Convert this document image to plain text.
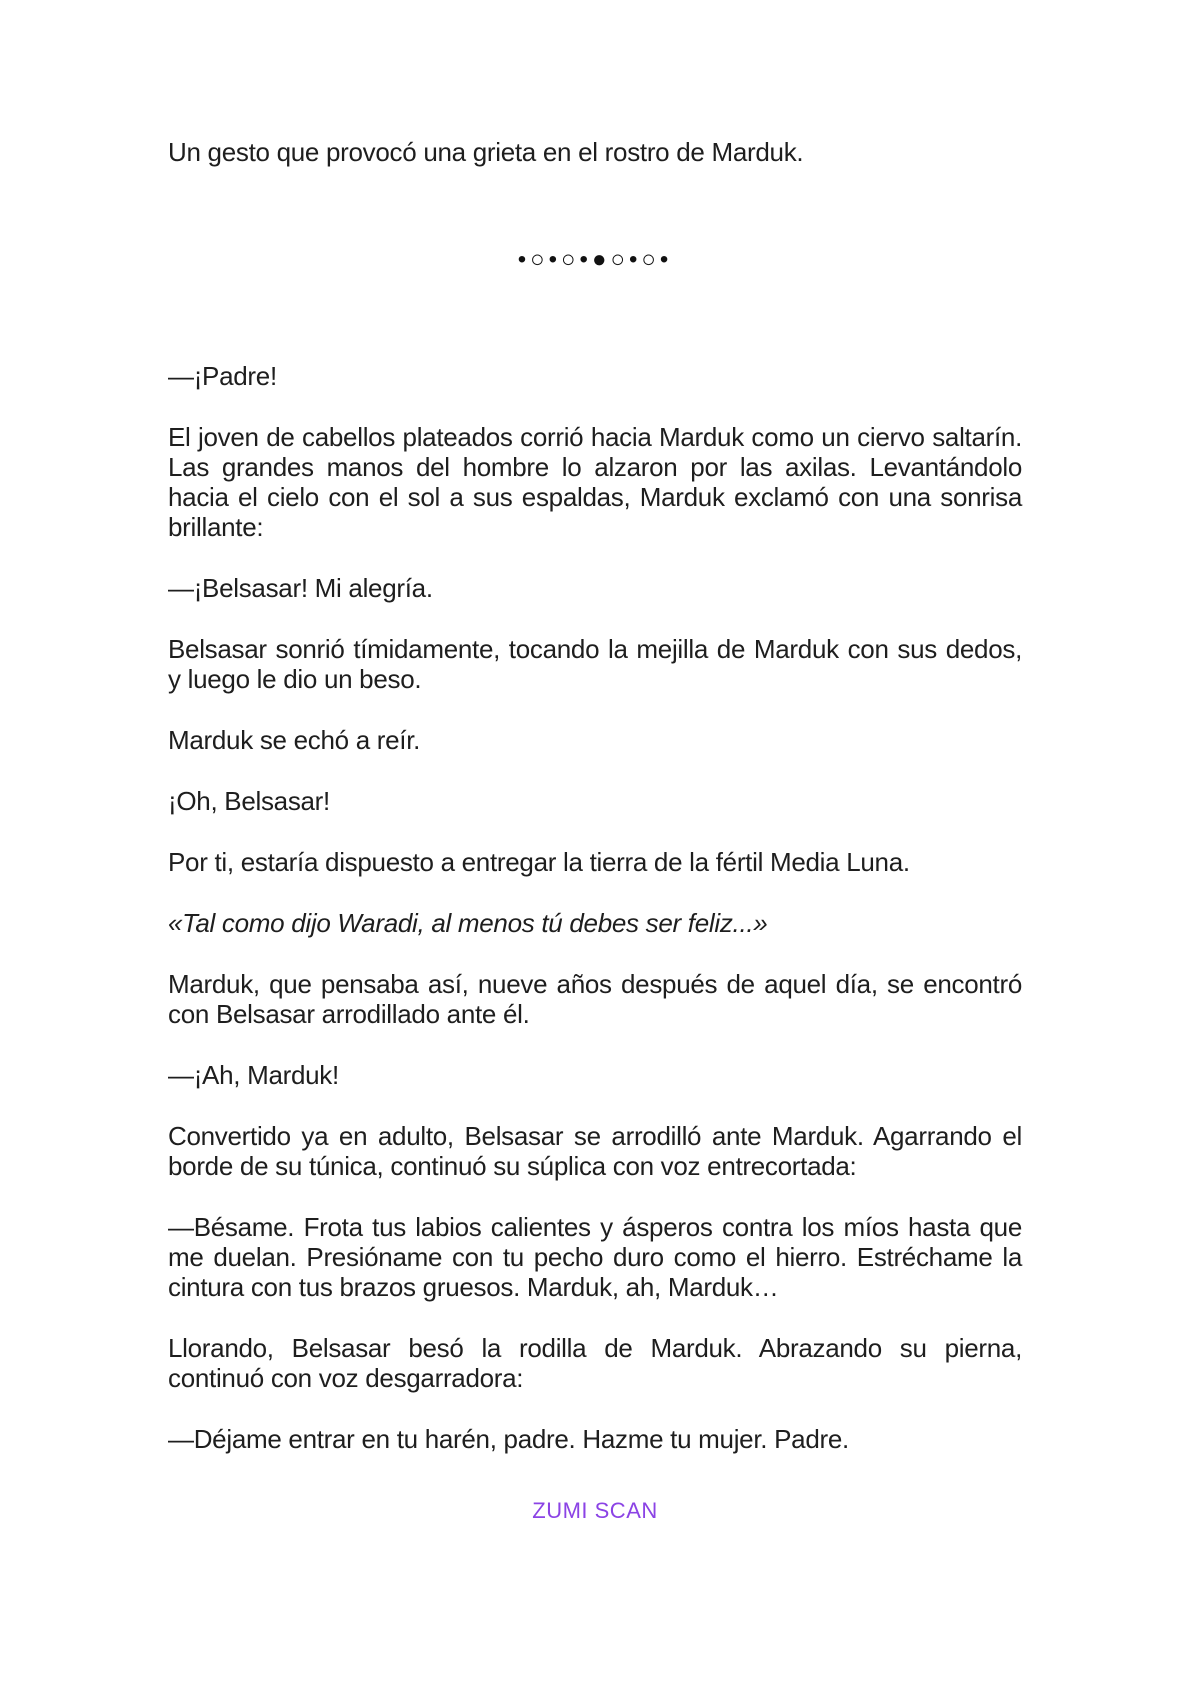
Un gesto que provocó una grieta en el rostro de Marduk.

•○•○•●○•○•

—¡Padre!

El joven de cabellos plateados corrió hacia Marduk como un ciervo saltarín. Las grandes manos del hombre lo alzaron por las axilas. Levantándolo hacia el cielo con el sol a sus espaldas, Marduk exclamó con una sonrisa brillante:

—¡Belsasar! Mi alegría.

Belsasar sonrió tímidamente, tocando la mejilla de Marduk con sus dedos, y luego le dio un beso.

Marduk se echó a reír.

¡Oh, Belsasar!

Por ti, estaría dispuesto a entregar la tierra de la fértil Media Luna.

«Tal como dijo Waradi, al menos tú debes ser feliz...»

Marduk, que pensaba así, nueve años después de aquel día, se encontró con Belsasar arrodillado ante él.

—¡Ah, Marduk!

Convertido ya en adulto, Belsasar se arrodilló ante Marduk. Agarrando el borde de su túnica, continuó su súplica con voz entrecortada:

—Bésame. Frota tus labios calientes y ásperos contra los míos hasta que me duelan. Presióname con tu pecho duro como el hierro. Estréchame la cintura con tus brazos gruesos. Marduk, ah, Marduk…

Llorando, Belsasar besó la rodilla de Marduk. Abrazando su pierna, continuó con voz desgarradora:

—Déjame entrar en tu harén, padre. Hazme tu mujer. Padre.

ZUMI SCAN
